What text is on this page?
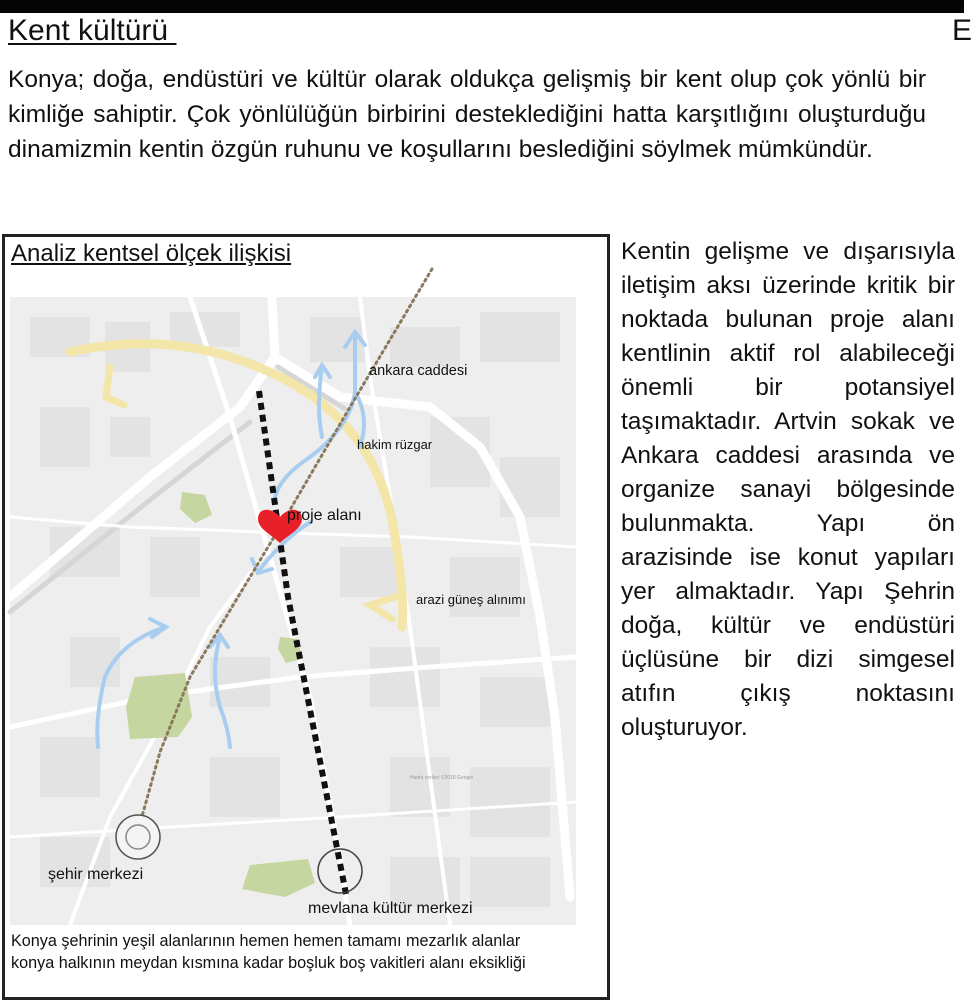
Kent kültürü	E

Konya; doğa, endüstüri ve kültür olarak oldukça gelişmiş bir kent olup çok yönlü bir kimliğe sahiptir. Çok yönlülüğün birbirini desteklediğini hatta karşıtlığını oluşturduğu dinamizmin kentin özgün ruhunu ve koşullarını beslediğini söylmek mümkündür.

Harita verileri ©2018 Google
ankara caddesi
hakim rüzgar
proje alanı
arazi güneş alınımı
şehir merkezi
mevlana kültür merkezi
Analiz kentsel ölçek ilişkisi
Konya şehrinin yeşil alanlarının hemen hemen tamamı mezarlık alanlar
konya halkının meydan kısmına kadar boşluk boş vakitleri alanı eksikliği

Kentin gelişme ve dışarısıyla iletişim aksı üzerinde kritik bir noktada bulunan proje alanı kentlinin aktif rol alabileceği önemli bir potansiyel taşımaktadır. Artvin sokak ve Ankara caddesi arasında ve organize sanayi bölgesinde bulunmakta. Yapı ön arazisinde ise konut yapıları yer almaktadır. Yapı Şehrin doğa, kültür ve endüstüri üçlüsüne bir dizi simgesel atıfın çıkış noktasını oluşturuyor.
